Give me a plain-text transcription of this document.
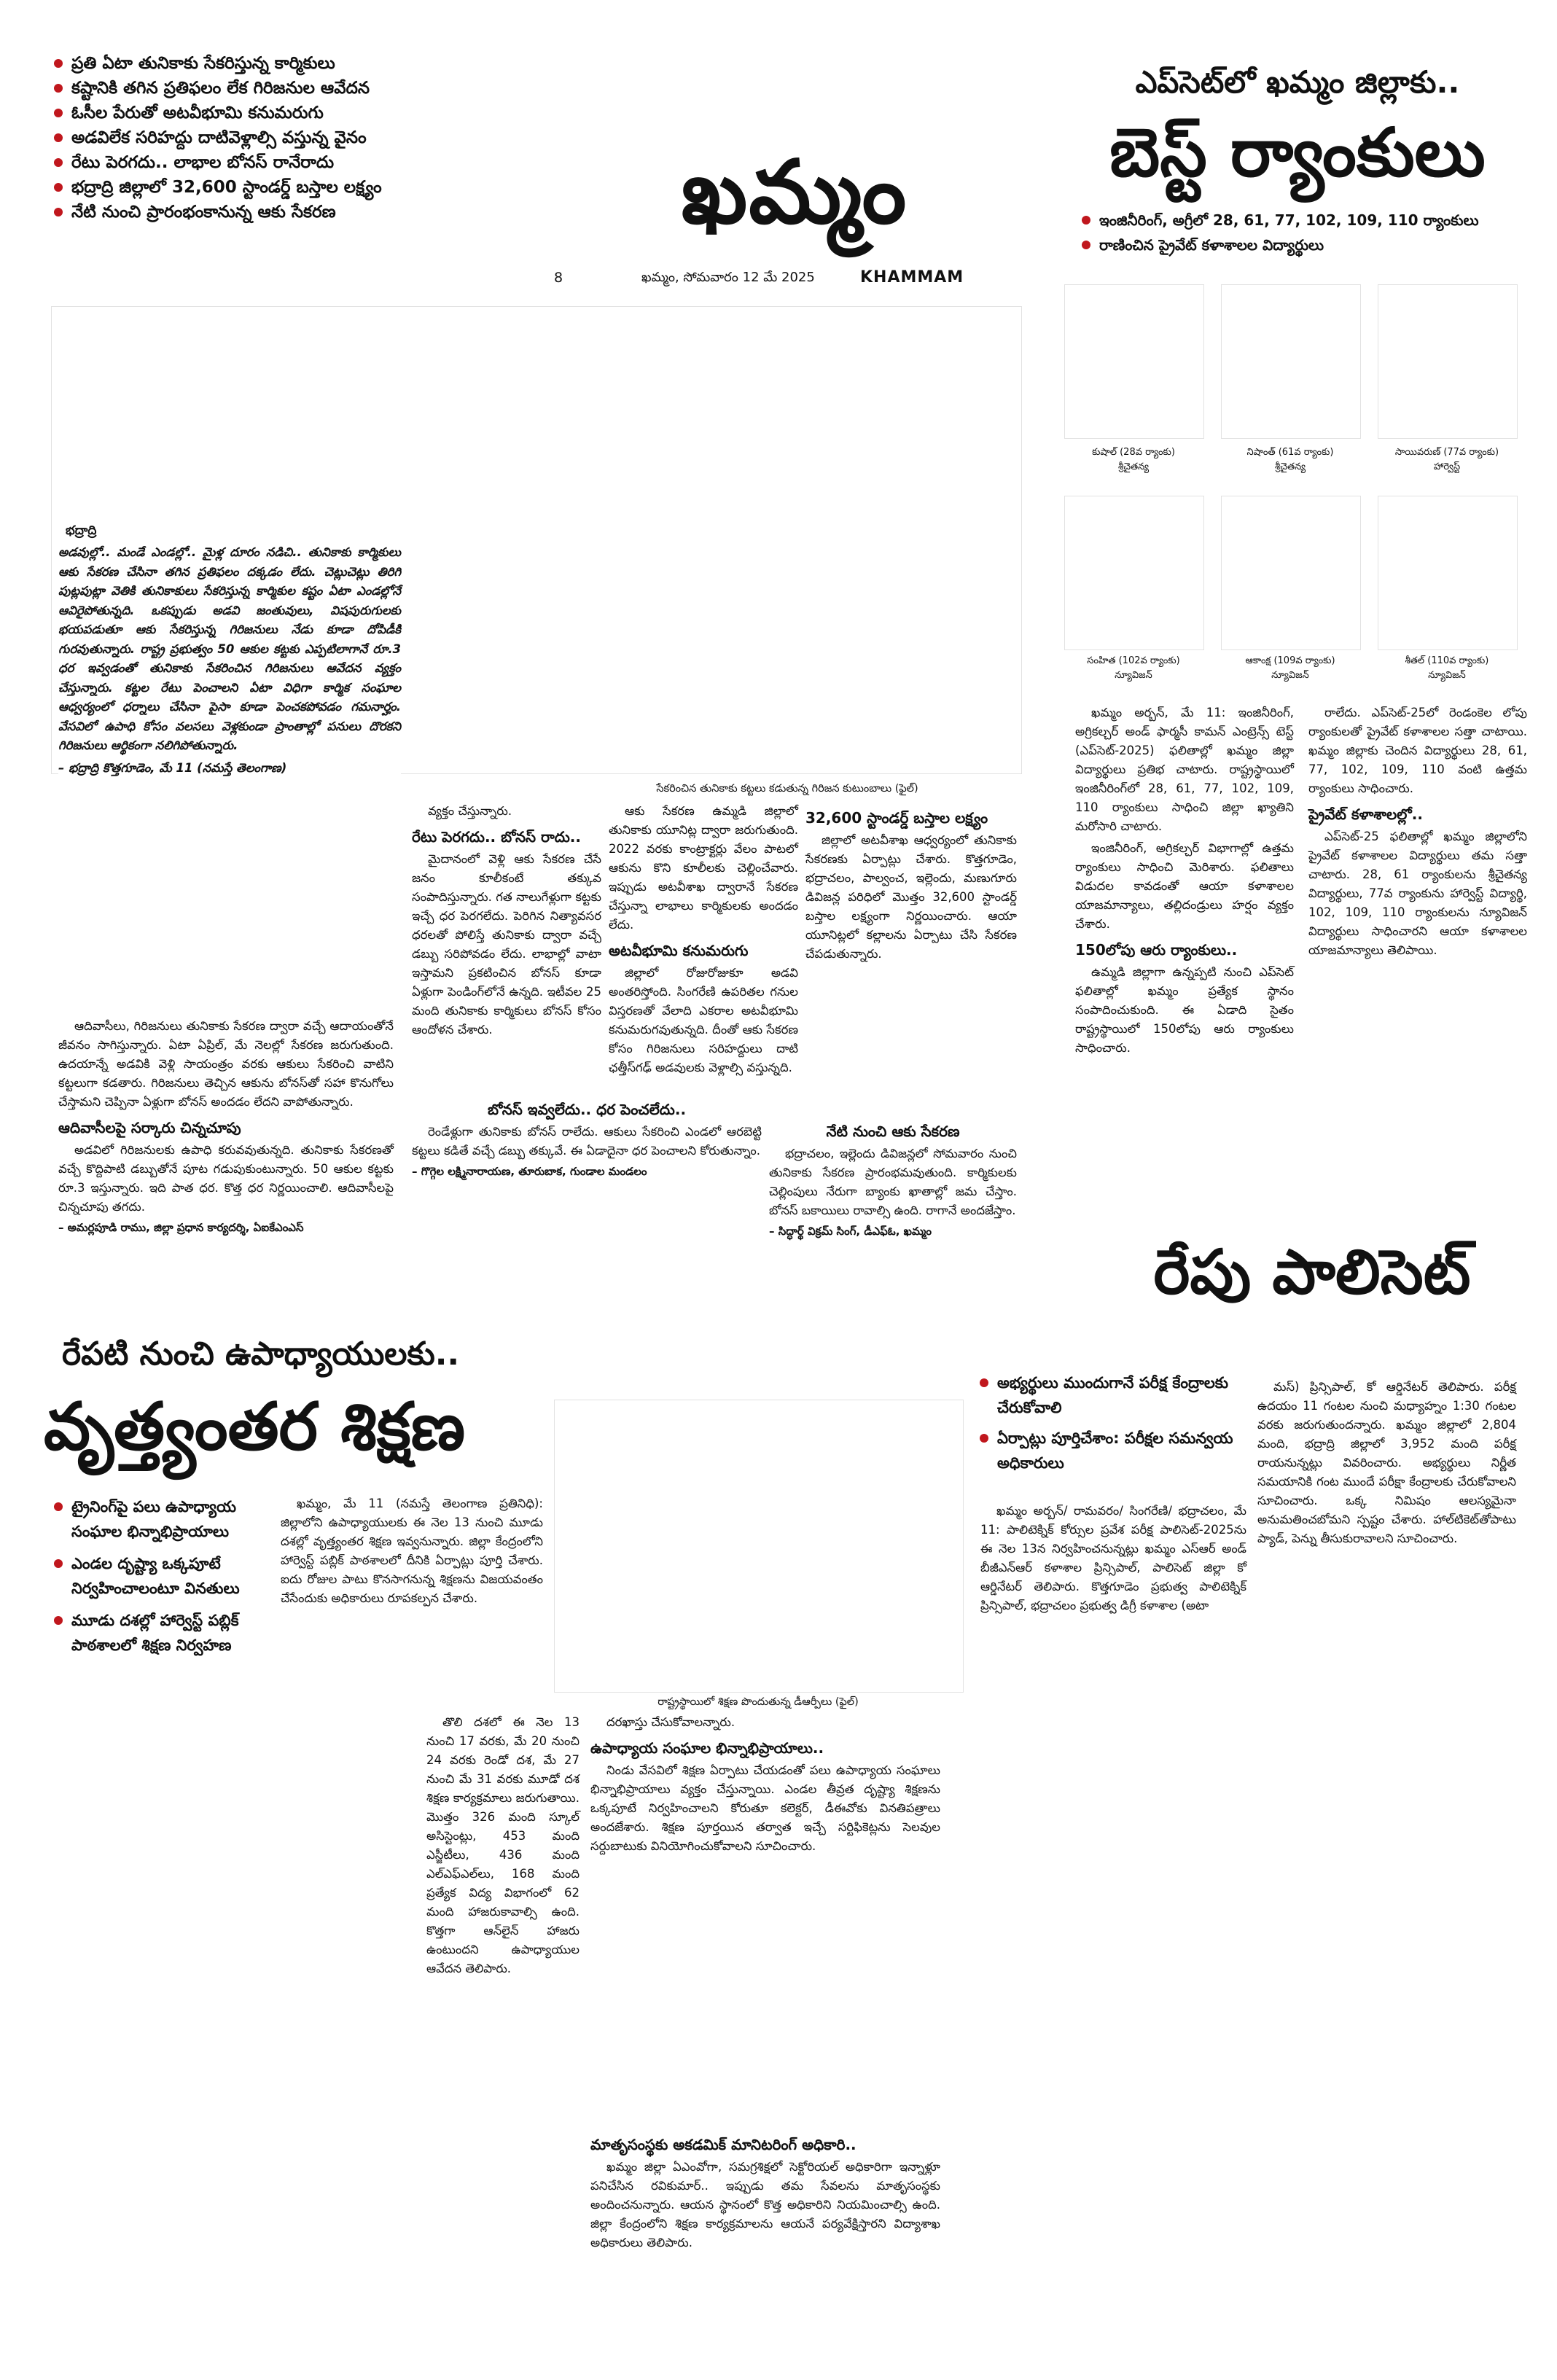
ప్రతి ఏటా తునికాకు సేకరిస్తున్న కార్మికులు
కష్టానికి తగిన ప్రతిఫలం లేక గిరిజనుల ఆవేదన
ఓసీల పేరుతో అటవీభూమి కనుమరుగు
అడవిలేక సరిహద్దు దాటివెళ్లాల్సి వస్తున్న వైనం
రేటు పెరగదు.. లాభాల బోనస్ రానేరాదు
భద్రాద్రి జిల్లాలో 32,600 స్టాండర్డ్ బస్తాల లక్ష్యం
నేటి నుంచి ప్రారంభంకానున్న ఆకు సేకరణ	ఖమ్మం
8	ఖమ్మం, సోమవారం 12 మే 2025	KHAMMAM
ఎప్‌సెట్‌లో ఖమ్మం జిల్లాకు..
బెస్ట్ ర్యాంకులు
ఇంజినీరింగ్, అగ్రీలో 28, 61, 77, 102, 109, 110 ర్యాంకులు
రాణించిన ప్రైవేట్ కళాశాలల విద్యార్థులు
కుషాల్ (28వ ర్యాంకు)
శ్రీచైతన్య
నిషాంత్ (61వ ర్యాంకు)
శ్రీచైతన్య
సాయివరుణ్ (77వ ర్యాంకు)
హార్వెస్ట్
సంహిత (102వ ర్యాంకు)
న్యూవిజన్
ఆకాంక్ష (109వ ర్యాంకు)
న్యూవిజన్
శీతల్ (110వ ర్యాంకు)
న్యూవిజన్

ఖమ్మం అర్బన్, మే 11: ఇంజినీరింగ్, అగ్రికల్చర్ అండ్ ఫార్మసీ కామన్ ఎంట్రెన్స్ టెస్ట్ (ఎప్‌సెట్-2025) ఫలితాల్లో ఖమ్మం జిల్లా విద్యార్థులు ప్రతిభ చాటారు. రాష్ట్రస్థాయిలో ఇంజినీరింగ్‌లో 28, 61, 77, 102, 109, 110 ర్యాంకులు సాధించి జిల్లా ఖ్యాతిని మరోసారి చాటారు.

ఇంజినీరింగ్, అగ్రికల్చర్ విభాగాల్లో ఉత్తమ ర్యాంకులు సాధించి మెరిశారు. ఫలితాలు విడుదల కావడంతో ఆయా కళాశాలల యాజమాన్యాలు, తల్లిదండ్రులు హర్షం వ్యక్తం చేశారు.

150లోపు ఆరు ర్యాంకులు..

ఉమ్మడి జిల్లాగా ఉన్నప్పటి నుంచి ఎప్‌సెట్ ఫలితాల్లో ఖమ్మం ప్రత్యేక స్థానం సంపాదించుకుంది. ఈ ఏడాది సైతం రాష్ట్రస్థాయిలో 150లోపు ఆరు ర్యాంకులు సాధించారు.

రాలేదు. ఎప్‌సెట్-25లో రెండంకెల లోపు ర్యాంకులతో ప్రైవేట్ కళాశాలల సత్తా చాటాయి. ఖమ్మం జిల్లాకు చెందిన విద్యార్థులు 28, 61, 77, 102, 109, 110 వంటి ఉత్తమ ర్యాంకులు సాధించారు.

ప్రైవేట్ కళాశాలల్లో..

ఎప్‌సెట్-25 ఫలితాల్లో ఖమ్మం జిల్లాలోని ప్రైవేట్ కళాశాలల విద్యార్థులు తమ సత్తా చాటారు. 28, 61 ర్యాంకులను శ్రీచైతన్య విద్యార్థులు, 77వ ర్యాంకును హార్వెస్ట్ విద్యార్థి, 102, 109, 110 ర్యాంకులను న్యూవిజన్ విద్యార్థులు సాధించారని ఆయా కళాశాలల యాజమాన్యాలు తెలిపాయి.

భద్రాద్రి
అడవుల్లో.. మండే ఎండల్లో.. మైళ్ల దూరం నడిచి.. తునికాకు కార్మికులు ఆకు సేకరణ చేసినా తగిన ప్రతిఫలం దక్కడం లేదు. చెట్లుచెట్లు తిరిగి పుట్లపుట్లా వెతికి తునికాకులు సేకరిస్తున్న కార్మికుల కష్టం ఏటా ఎండల్లోనే ఆవిరైపోతున్నది. ఒకప్పుడు అడవి జంతువులు, విషపురుగులకు భయపడుతూ ఆకు సేకరిస్తున్న గిరిజనులు నేడు కూడా దోపిడీకి గురవుతున్నారు. రాష్ట్ర ప్రభుత్వం 50 ఆకుల కట్టకు ఎప్పటిలాగానే రూ.3 ధర ఇవ్వడంతో తునికాకు సేకరించిన గిరిజనులు ఆవేదన వ్యక్తం చేస్తున్నారు. కట్టల రేటు పెంచాలని ఏటా విధిగా కార్మిక సంఘాల ఆధ్వర్యంలో ధర్నాలు చేసినా పైసా కూడా పెంచకపోవడం గమనార్హం. వేసవిలో ఉపాధి కోసం వలసలు వెళ్లకుండా ప్రాంతాల్లో పనులు దొరకని గిరిజనులు ఆర్థికంగా నలిగిపోతున్నారు.
– భద్రాద్రి కొత్తగూడెం, మే 11 (నమస్తే తెలంగాణ)
సేకరించిన తునికాకు కట్టలు కడుతున్న గిరిజన కుటుంబాలు (ఫైల్)

ఆదివాసీలు, గిరిజనులు తునికాకు సేకరణ ద్వారా వచ్చే ఆదాయంతోనే జీవనం సాగిస్తున్నారు. ఏటా ఏప్రిల్, మే నెలల్లో సేకరణ జరుగుతుంది. ఉదయాన్నే అడవికి వెళ్లి సాయంత్రం వరకు ఆకులు సేకరించి వాటిని కట్టలుగా కడతారు. గిరిజనులు తెచ్చిన ఆకును బోనస్‌తో సహా కొనుగోలు చేస్తామని చెప్పినా ఏళ్లుగా బోనస్ అందడం లేదని వాపోతున్నారు.

ఆదివాసీలపై సర్కారు చిన్నచూపు

అడవిలో గిరిజనులకు ఉపాధి కరువవుతున్నది. తునికాకు సేకరణతో వచ్చే కొద్దిపాటి డబ్బుతోనే పూట గడుపుకుంటున్నారు. 50 ఆకుల కట్టకు రూ.3 ఇస్తున్నారు. ఇది పాత ధర. కొత్త ధర నిర్ణయించాలి. ఆదివాసీలపై చిన్నచూపు తగదు.

– అమర్లపూడి రాము, జిల్లా ప్రధాన కార్యదర్శి, ఏఐకేఎంఎస్

వ్యక్తం చేస్తున్నారు.

రేటు పెరగదు.. బోనస్ రాదు..

మైదానంలో వెళ్లి ఆకు సేకరణ చేసే జనం కూలీకంటే తక్కువ సంపాదిస్తున్నారు. గత నాలుగేళ్లుగా కట్టకు ఇచ్చే ధర పెరగలేదు. పెరిగిన నిత్యావసర ధరలతో పోలిస్తే తునికాకు ద్వారా వచ్చే డబ్బు సరిపోవడం లేదు. లాభాల్లో వాటా ఇస్తామని ప్రకటించిన బోనస్ కూడా ఏళ్లుగా పెండింగ్‌లోనే ఉన్నది. ఇటీవల 25 మంది తునికాకు కార్మికులు బోనస్ కోసం ఆందోళన చేశారు.

బోనస్ ఇవ్వలేదు.. ధర పెంచలేదు..

రెండేళ్లుగా తునికాకు బోనస్ రాలేదు. ఆకులు సేకరించి ఎండలో ఆరబెట్టి కట్టలు కడితే వచ్చే డబ్బు తక్కువే. ఈ ఏడాదైనా ధర పెంచాలని కోరుతున్నాం.

– గొగ్గెల లక్ష్మినారాయణ, తూరుబాక, గుండాల మండలం

ఆకు సేకరణ ఉమ్మడి జిల్లాలో తునికాకు యూనిట్ల ద్వారా జరుగుతుంది. 2022 వరకు కాంట్రాక్టర్లు వేలం పాటలో ఆకును కొని కూలీలకు చెల్లించేవారు. ఇప్పుడు అటవీశాఖ ద్వారానే సేకరణ చేస్తున్నా లాభాలు కార్మికులకు అందడం లేదు.

అటవీభూమి కనుమరుగు

జిల్లాలో రోజురోజుకూ అడవి అంతరిస్తోంది. సింగరేణి ఉపరితల గనుల విస్తరణతో వేలాది ఎకరాల అటవీభూమి కనుమరుగవుతున్నది. దీంతో ఆకు సేకరణ కోసం గిరిజనులు సరిహద్దులు దాటి ఛత్తీస్‌గఢ్ అడవులకు వెళ్లాల్సి వస్తున్నది.

32,600 స్టాండర్డ్ బస్తాల లక్ష్యం

జిల్లాలో అటవీశాఖ ఆధ్వర్యంలో తునికాకు సేకరణకు ఏర్పాట్లు చేశారు. కొత్తగూడెం, భద్రాచలం, పాల్వంచ, ఇల్లెందు, మణుగూరు డివిజన్ల పరిధిలో మొత్తం 32,600 స్టాండర్డ్ బస్తాల లక్ష్యంగా నిర్ణయించారు. ఆయా యూనిట్లలో కల్లాలను ఏర్పాటు చేసి సేకరణ చేపడుతున్నారు.

నేటి నుంచి ఆకు సేకరణ

భద్రాచలం, ఇల్లెందు డివిజన్లలో సోమవారం నుంచి తునికాకు సేకరణ ప్రారంభమవుతుంది. కార్మికులకు చెల్లింపులు నేరుగా బ్యాంకు ఖాతాల్లో జమ చేస్తాం. బోనస్ బకాయిలు రావాల్సి ఉంది. రాగానే అందజేస్తాం.

– సిద్ధార్థ్ విక్రమ్ సింగ్, డీఎఫ్‌ఓ, ఖమ్మం
రేపు పాలిసెట్
అభ్యర్థులు ముందుగానే పరీక్ష కేంద్రాలకు చేరుకోవాలి
ఏర్పాట్లు పూర్తిచేశాం: పరీక్షల సమన్వయ అధికారులు

ఖమ్మం అర్బన్/ రామవరం/ సింగరేణి/ భద్రాచలం, మే 11: పాలిటెక్నిక్ కోర్సుల ప్రవేశ పరీక్ష పాలిసెట్-2025ను ఈ నెల 13న నిర్వహించనున్నట్లు ఖమ్మం ఎస్ఆర్ అండ్ బీజీఎన్ఆర్ కళాశాల ప్రిన్సిపాల్, పాలిసెట్ జిల్లా కో ఆర్డినేటర్ తెలిపారు. కొత్తగూడెం ప్రభుత్వ పాలిటెక్నిక్ ప్రిన్సిపాల్, భద్రాచలం ప్రభుత్వ డిగ్రీ కళాశాల (అటా

మస్) ప్రిన్సిపాల్, కో ఆర్డినేటర్ తెలిపారు. పరీక్ష ఉదయం 11 గంటల నుంచి మధ్యాహ్నం 1:30 గంటల వరకు జరుగుతుందన్నారు. ఖమ్మం జిల్లాలో 2,804 మంది, భద్రాద్రి జిల్లాలో 3,952 మంది పరీక్ష రాయనున్నట్లు వివరించారు. అభ్యర్థులు నిర్ణీత సమయానికి గంట ముందే పరీక్షా కేంద్రాలకు చేరుకోవాలని సూచించారు. ఒక్క నిమిషం ఆలస్యమైనా అనుమతించబోమని స్పష్టం చేశారు. హాల్‌టికెట్‌తోపాటు ప్యాడ్, పెన్ను తీసుకురావాలని సూచించారు.

రేపటి నుంచి ఉపాధ్యాయులకు..
వృత్త్యంతర శిక్షణ
ట్రైనింగ్‌పై పలు ఉపాధ్యాయ సంఘాల భిన్నాభిప్రాయాలు
ఎండల దృష్ట్యా ఒక్కపూటే నిర్వహించాలంటూ వినతులు
మూడు దశల్లో హార్వెస్ట్ పబ్లిక్ పాఠశాలలో శిక్షణ నిర్వహణ
రాష్ట్రస్థాయిలో శిక్షణ పొందుతున్న డీఆర్పీలు (ఫైల్)

ఖమ్మం, మే 11 (నమస్తే తెలంగాణ ప్రతినిధి): జిల్లాలోని ఉపాధ్యాయులకు ఈ నెల 13 నుంచి మూడు దశల్లో వృత్త్యంతర శిక్షణ ఇవ్వనున్నారు. జిల్లా కేంద్రంలోని హార్వెస్ట్ పబ్లిక్ పాఠశాలలో దీనికి ఏర్పాట్లు పూర్తి చేశారు. ఐదు రోజుల పాటు కొనసాగనున్న శిక్షణను విజయవంతం చేసేందుకు అధికారులు రూపకల్పన చేశారు.

తొలి దశలో ఈ నెల 13 నుంచి 17 వరకు, మే 20 నుంచి 24 వరకు రెండో దశ, మే 27 నుంచి మే 31 వరకు మూడో దశ శిక్షణ కార్యక్రమాలు జరుగుతాయి. మొత్తం 326 మంది స్కూల్ అసిస్టెంట్లు, 453 మంది ఎస్జీటీలు, 436 మంది ఎల్ఎఫ్ఎల్‌లు, 168 మంది ప్రత్యేక విద్య విభాగంలో 62 మంది హాజరుకావాల్సి ఉంది. కొత్తగా ఆన్‌లైన్ హాజరు ఉంటుందని ఉపాధ్యాయుల ఆవేదన తెలిపారు.

దరఖాస్తు చేసుకోవాలన్నారు.

ఉపాధ్యాయ సంఘాల భిన్నాభిప్రాయాలు..

నిండు వేసవిలో శిక్షణ ఏర్పాటు చేయడంతో పలు ఉపాధ్యాయ సంఘాలు భిన్నాభిప్రాయాలు వ్యక్తం చేస్తున్నాయి. ఎండల తీవ్రత దృష్ట్యా శిక్షణను ఒక్కపూటే నిర్వహించాలని కోరుతూ కలెక్టర్, డీఈవోకు వినతిపత్రాలు అందజేశారు. శిక్షణ పూర్తయిన తర్వాత ఇచ్చే సర్టిఫికెట్లను సెలవుల సర్దుబాటుకు వినియోగించుకోవాలని సూచించారు.

మాతృసంస్థకు అకడమిక్ మానిటరింగ్ అధికారి..

ఖమ్మం జిల్లా ఏఎంవోగా, సమగ్రశిక్షలో సెక్టోరియల్ అధికారిగా ఇన్నాళ్లూ పనిచేసిన రవికుమార్.. ఇప్పుడు తమ సేవలను మాతృసంస్థకు అందించనున్నారు. ఆయన స్థానంలో కొత్త అధికారిని నియమించాల్సి ఉంది. జిల్లా కేంద్రంలోని శిక్షణ కార్యక్రమాలను ఆయనే పర్యవేక్షిస్తారని విద్యాశాఖ అధికారులు తెలిపారు.
